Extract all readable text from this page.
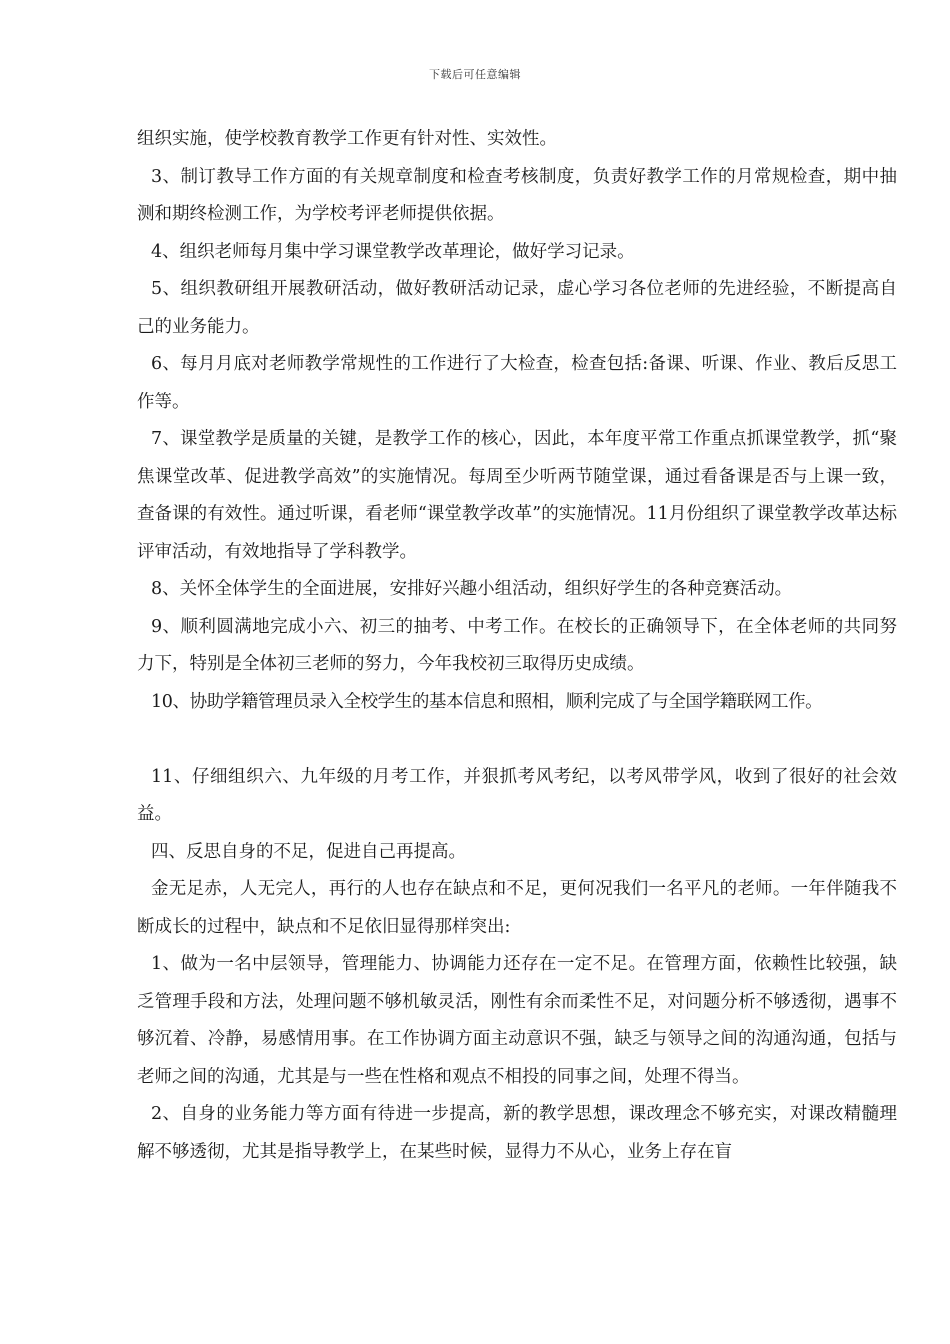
下载后可任意编辑

组织实施，使学校教育教学工作更有针对性、实效性。

3、制订教导工作方面的有关规章制度和检查考核制度，负责好教学工作的月常规检查，期中抽测和期终检测工作，为学校考评老师提供依据。

4、组织老师每月集中学习课堂教学改革理论，做好学习记录。

5、组织教研组开展教研活动，做好教研活动记录，虚心学习各位老师的先进经验，不断提高自己的业务能力。

6、每月月底对老师教学常规性的工作进行了大检查，检查包括:备课、听课、作业、教后反思工作等。

7、课堂教学是质量的关键，是教学工作的核心，因此，本年度平常工作重点抓课堂教学，抓“聚焦课堂改革、促进教学高效”的实施情况。每周至少听两节随堂课，通过看备课是否与上课一致，查备课的有效性。通过听课，看老师“课堂教学改革”的实施情况。11月份组织了课堂教学改革达标评审活动，有效地指导了学科教学。

8、关怀全体学生的全面进展，安排好兴趣小组活动，组织好学生的各种竞赛活动。

9、顺利圆满地完成小六、初三的抽考、中考工作。在校长的正确领导下，在全体老师的共同努力下，特别是全体初三老师的努力，今年我校初三取得历史成绩。

10、协助学籍管理员录入全校学生的基本信息和照相，顺利完成了与全国学籍联网工作。

11、仔细组织六、九年级的月考工作，并狠抓考风考纪，以考风带学风，收到了很好的社会效益。

四、反思自身的不足，促进自己再提高。

金无足赤，人无完人，再行的人也存在缺点和不足，更何况我们一名平凡的老师。一年伴随我不断成长的过程中，缺点和不足依旧显得那样突出:

1、做为一名中层领导，管理能力、协调能力还存在一定不足。在管理方面，依赖性比较强，缺乏管理手段和方法，处理问题不够机敏灵活，刚性有余而柔性不足，对问题分析不够透彻，遇事不够沉着、冷静，易感情用事。在工作协调方面主动意识不强，缺乏与领导之间的沟通沟通，包括与老师之间的沟通，尤其是与一些在性格和观点不相投的同事之间，处理不得当。

2、自身的业务能力等方面有待进一步提高，新的教学思想，课改理念不够充实，对课改精髓理解不够透彻，尤其是指导教学上，在某些时候，显得力不从心，业务上存在盲
